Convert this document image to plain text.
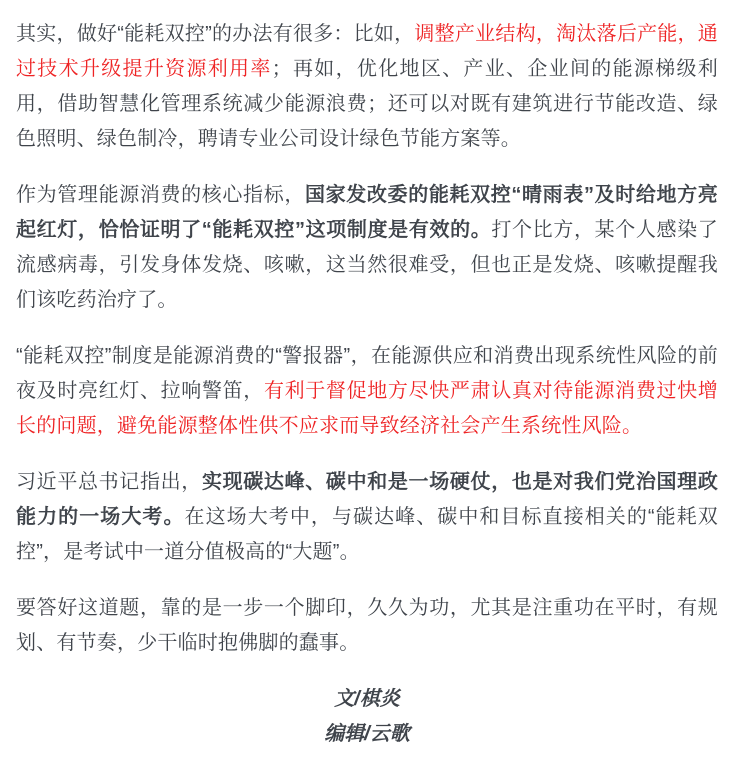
其实，做好“能耗双控”的办法有很多：比如，调整产业结构，淘汰落后产能，通过技术升级提升资源利用率；再如，优化地区、产业、企业间的能源梯级利用，借助智慧化管理系统减少能源浪费；还可以对既有建筑进行节能改造、绿色照明、绿色制冷，聘请专业公司设计绿色节能方案等。

作为管理能源消费的核心指标，国家发改委的能耗双控“晴雨表”及时给地方亮起红灯，恰恰证明了“能耗双控”这项制度是有效的。打个比方，某个人感染了流感病毒，引发身体发烧、咳嗽，这当然很难受，但也正是发烧、咳嗽提醒我们该吃药治疗了。

“能耗双控”制度是能源消费的“警报器”，在能源供应和消费出现系统性风险的前夜及时亮红灯、拉响警笛，有利于督促地方尽快严肃认真对待能源消费过快增长的问题，避免能源整体性供不应求而导致经济社会产生系统性风险。

习近平总书记指出，实现碳达峰、碳中和是一场硬仗，也是对我们党治国理政能力的一场大考。在这场大考中，与碳达峰、碳中和目标直接相关的“能耗双控”，是考试中一道分值极高的“大题”。

要答好这道题，靠的是一步一个脚印，久久为功，尤其是注重功在平时，有规划、有节奏，少干临时抱佛脚的蠢事。

文/棋炎

编辑/云歌
